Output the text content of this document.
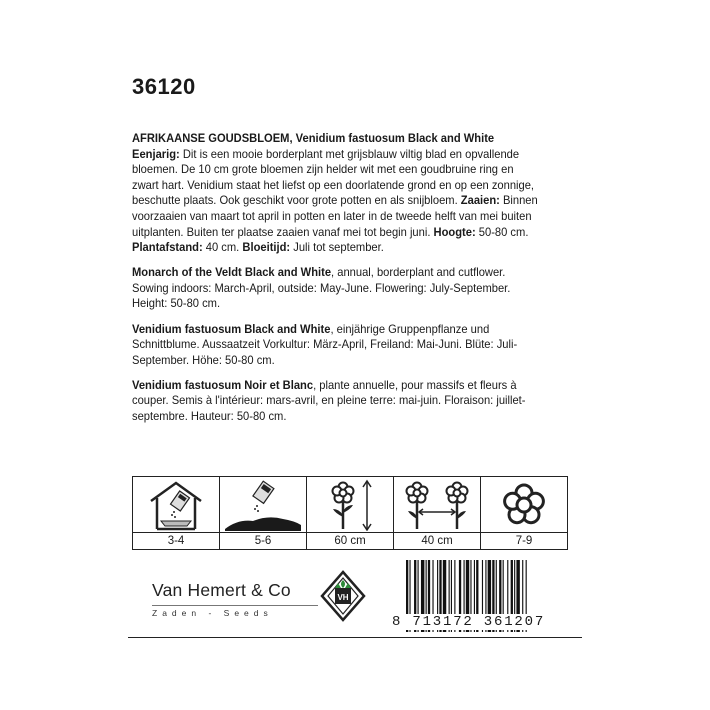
36120

AFRIKAANSE GOUDSBLOEM, Venidium fastuosum Black and White
Eenjarig: Dit is een mooie borderplant met grijsblauw viltig blad en opvallende bloemen. De 10 cm grote bloemen zijn helder wit met een goudbruine ring en zwart hart. Venidium staat het liefst op een doorlatende grond en op een zonnige, beschutte plaats. Ook geschikt voor grote potten en als snijbloem. Zaaien: Binnen voorzaaien van maart tot april in potten en later in de tweede helft van mei buiten uitplanten. Buiten ter plaatse zaaien vanaf mei tot begin juni. Hoogte: 50-80 cm. Plantafstand: 40 cm. Bloeitijd: Juli tot september.

Monarch of the Veldt Black and White, annual, borderplant and cutflower. Sowing indoors: March-April, outside: May-June. Flowering: July-September. Height: 50-80 cm.

Venidium fastuosum Black and White, einjährige Gruppenpflanze und Schnittblume. Aussaatzeit Vorkultur: März-April, Freiland: Mai-Juni. Blüte: Juli-September. Höhe: 50-80 cm.

Venidium fastuosum Noir et Blanc, plante annuelle, pour massifs et fleurs à couper. Semis à l'intérieur: mars-avril, en pleine terre: mai-juin. Floraison: juillet-septembre. Hauteur: 50-80 cm.

3-4	5-6	60 cm	40 cm	7-9
Van Hemert & Co
Zaden - Seeds
VH
8 713172 361207
